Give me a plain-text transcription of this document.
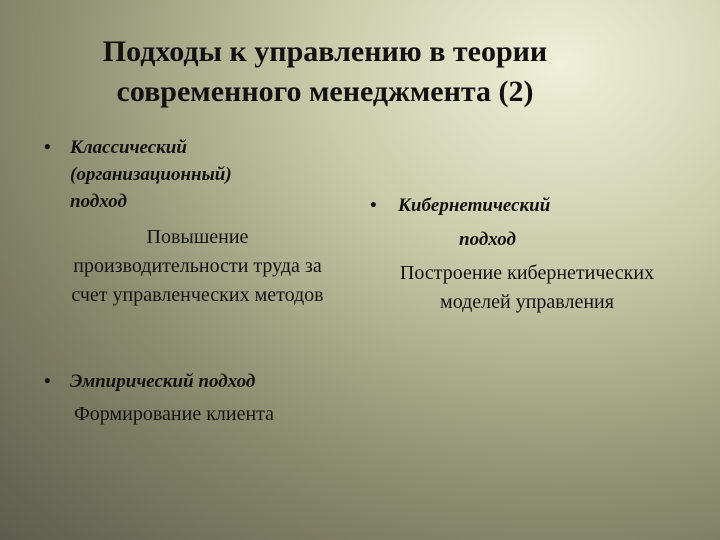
Подходы к управлению в теории
современного менеджмента (2)
• Классический
(организационный)
подход
Повышение
производительности труда за
счет управленческих методов
• Кибернетический
подход
Построение кибернетических
моделей управления
• Эмпирический подход
Формирование клиента
